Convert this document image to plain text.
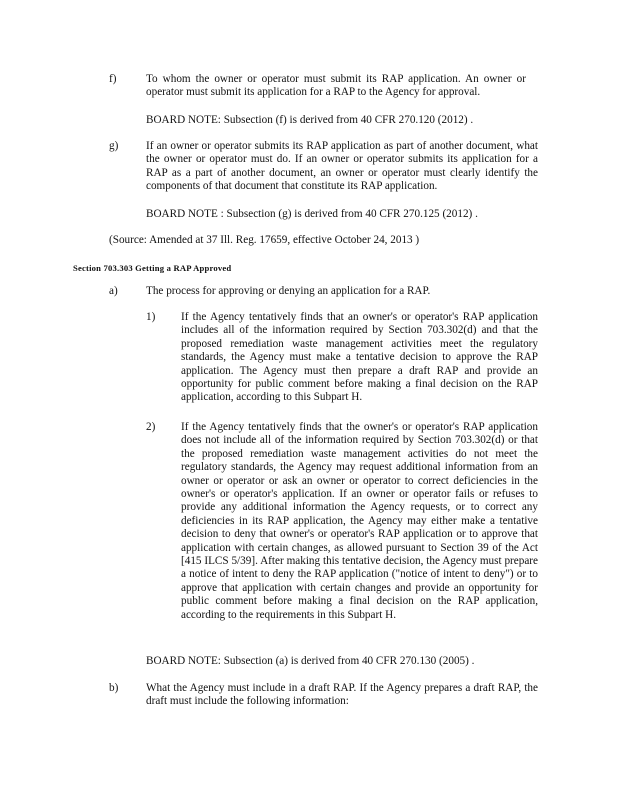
f)	To whom the owner or operator must submit its RAP application. An owner or operator must submit its application for a RAP to the Agency for approval.
BOARD NOTE: Subsection (f) is derived from 40 CFR 270.120 (2012) .
g) If an owner or operator submits its RAP application as part of another document, what the owner or operator must do. If an owner or operator submits its application for a RAP as a part of another document, an owner or operator must clearly identify the components of that document that constitute its RAP application.
BOARD NOTE : Subsection (g) is derived from 40 CFR 270.125 (2012) .
(Source: Amended at 37 Ill. Reg. 17659, effective October 24, 2013 )
Section 703.303 Getting a RAP Approved
a)	The process for approving or denying an application for a RAP.
1) If the Agency tentatively finds that an owner's or operator's RAP application includes all of the information required by Section 703.302(d) and that the proposed remediation waste management activities meet the regulatory standards, the Agency must make a tentative decision to approve the RAP application. The Agency must then prepare a draft RAP and provide an opportunity for public comment before making a final decision on the RAP application, according to this Subpart H.
2) If the Agency tentatively finds that the owner's or operator's RAP application does not include all of the information required by Section 703.302(d) or that the proposed remediation waste management activities do not meet the regulatory standards, the Agency may request additional information from an owner or operator or ask an owner or operator to correct deficiencies in the owner's or operator's application. If an owner or operator fails or refuses to provide any additional information the Agency requests, or to correct any deficiencies in its RAP application, the Agency may either make a tentative decision to deny that owner's or operator's RAP application or to approve that application with certain changes, as allowed pursuant to Section 39 of the Act [415 ILCS 5/39]. After making this tentative decision, the Agency must prepare a notice of intent to deny the RAP application ("notice of intent to deny") or to approve that application with certain changes and provide an opportunity for public comment before making a final decision on the RAP application, according to the requirements in this Subpart H.
BOARD NOTE: Subsection (a) is derived from 40 CFR 270.130 (2005) .
b) What the Agency must include in a draft RAP. If the Agency prepares a draft RAP, the draft must include the following information:
